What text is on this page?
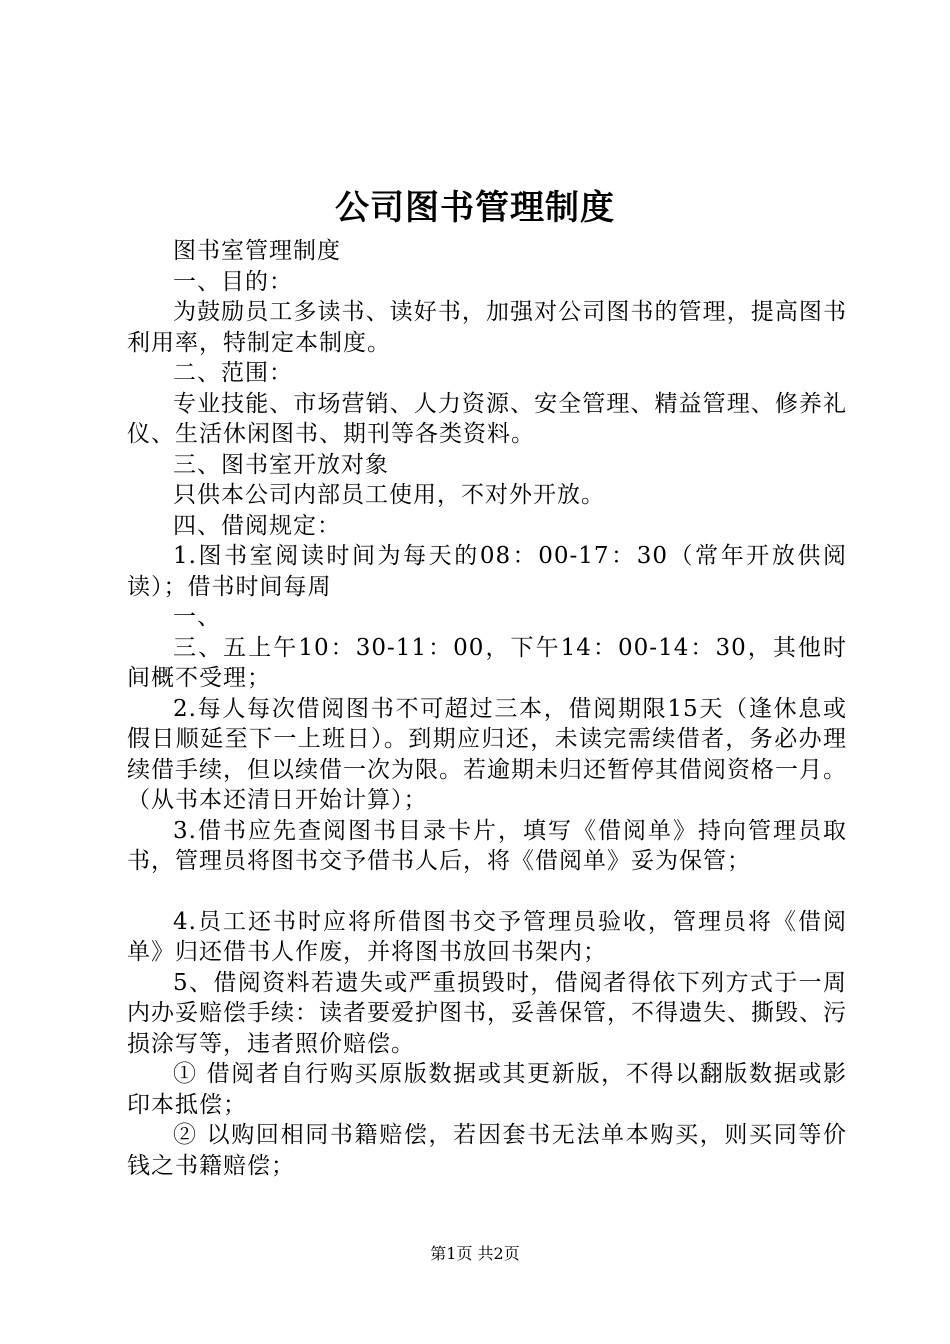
公司图书管理制度

图书室管理制度

一、目的：

为鼓励员工多读书、读好书，加强对公司图书的管理，提高图书利用率，特制定本制度。

二、范围：

专业技能、市场营销、人力资源、安全管理、精益管理、修养礼仪、生活休闲图书、期刊等各类资料。

三、图书室开放对象

只供本公司内部员工使用，不对外开放。

四、借阅规定：

1.图书室阅读时间为每天的08：00-17：30（常年开放供阅读）；借书时间每周

一、

三、五上午10：30-11：00，下午14：00-14：30，其他时间概不受理；

2.每人每次借阅图书不可超过三本，借阅期限15天（逢休息或假日顺延至下一上班日）。到期应归还，未读完需续借者，务必办理续借手续，但以续借一次为限。若逾期未归还暂停其借阅资格一月。（从书本还清日开始计算）；

3.借书应先查阅图书目录卡片，填写《借阅单》持向管理员取书，管理员将图书交予借书人后，将《借阅单》妥为保管；

4.员工还书时应将所借图书交予管理员验收，管理员将《借阅单》归还借书人作废，并将图书放回书架内；

5、借阅资料若遗失或严重损毁时，借阅者得依下列方式于一周内办妥赔偿手续：读者要爱护图书，妥善保管，不得遗失、撕毁、污损涂写等，违者照价赔偿。

① 借阅者自行购买原版数据或其更新版，不得以翻版数据或影印本抵偿；

② 以购回相同书籍赔偿，若因套书无法单本购买，则买同等价钱之书籍赔偿；

第1页 共2页
